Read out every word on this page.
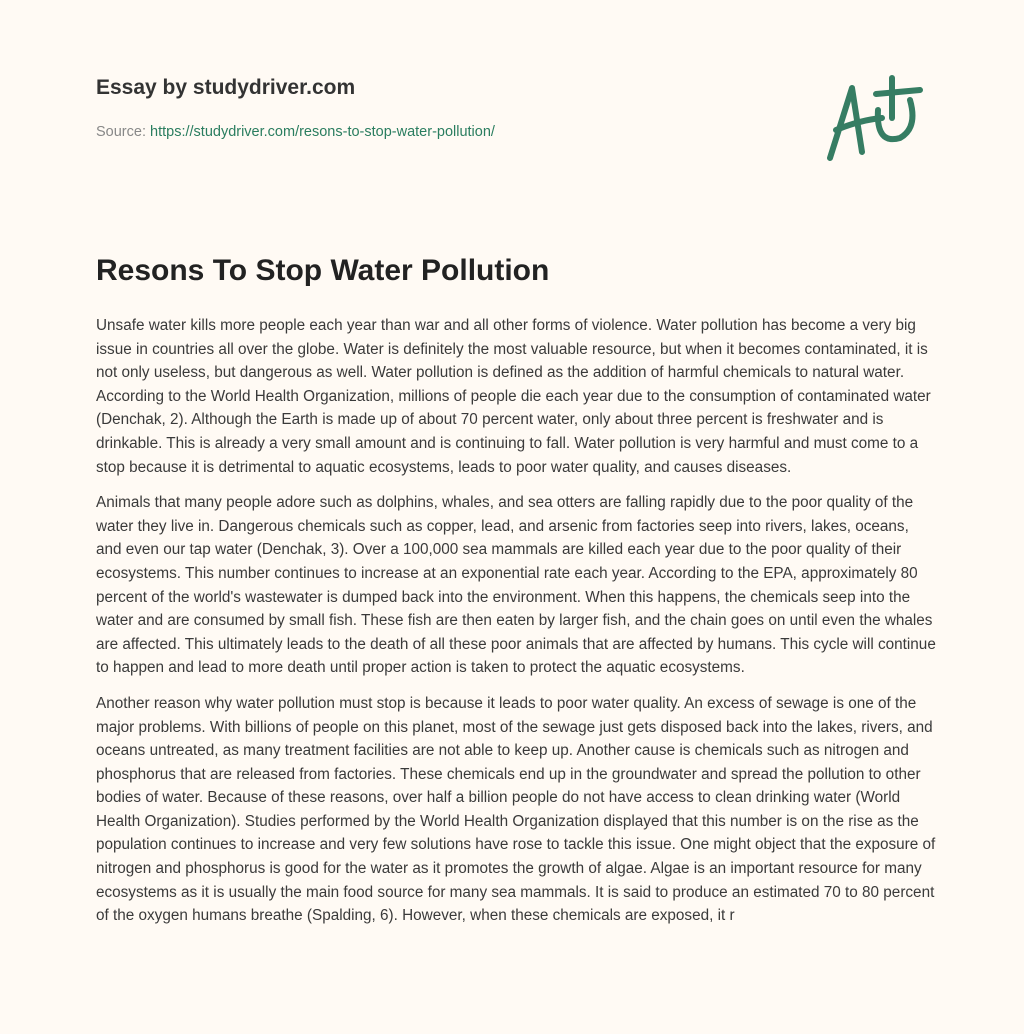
Essay by studydriver.com
Source: https://studydriver.com/resons-to-stop-water-pollution/
Resons To Stop Water Pollution

Unsafe water kills more people each year than war and all other forms of violence. Water pollution has become a very big issue in countries all over the globe. Water is definitely the most valuable resource, but when it becomes contaminated, it is not only useless, but dangerous as well. Water pollution is defined as the addition of harmful chemicals to natural water. According to the World Health Organization, millions of people die each year due to the consumption of contaminated water (Denchak, 2). Although the Earth is made up of about 70 percent water, only about three percent is freshwater and is drinkable. This is already a very small amount and is continuing to fall. Water pollution is very harmful and must come to a stop because it is detrimental to aquatic ecosystems, leads to poor water quality, and causes diseases.

Animals that many people adore such as dolphins, whales, and sea otters are falling rapidly due to the poor quality of the water they live in. Dangerous chemicals such as copper, lead, and arsenic from factories seep into rivers, lakes, oceans, and even our tap water (Denchak, 3). Over a 100,000 sea mammals are killed each year due to the poor quality of their ecosystems. This number continues to increase at an exponential rate each year. According to the EPA, approximately 80 percent of the world's wastewater is dumped back into the environment. When this happens, the chemicals seep into the water and are consumed by small fish. These fish are then eaten by larger fish, and the chain goes on until even the whales are affected. This ultimately leads to the death of all these poor animals that are affected by humans. This cycle will continue to happen and lead to more death until proper action is taken to protect the aquatic ecosystems.

Another reason why water pollution must stop is because it leads to poor water quality. An excess of sewage is one of the major problems. With billions of people on this planet, most of the sewage just gets disposed back into the lakes, rivers, and oceans untreated, as many treatment facilities are not able to keep up. Another cause is chemicals such as nitrogen and phosphorus that are released from factories. These chemicals end up in the groundwater and spread the pollution to other bodies of water. Because of these reasons, over half a billion people do not have access to clean drinking water (World Health Organization). Studies performed by the World Health Organization displayed that this number is on the rise as the population continues to increase and very few solutions have rose to tackle this issue. One might object that the exposure of nitrogen and phosphorus is good for the water as it promotes the growth of algae. Algae is an important resource for many ecosystems as it is usually the main food source for many sea mammals. It is said to produce an estimated 70 to 80 percent of the oxygen humans breathe (Spalding, 6). However, when these chemicals are exposed, it r
